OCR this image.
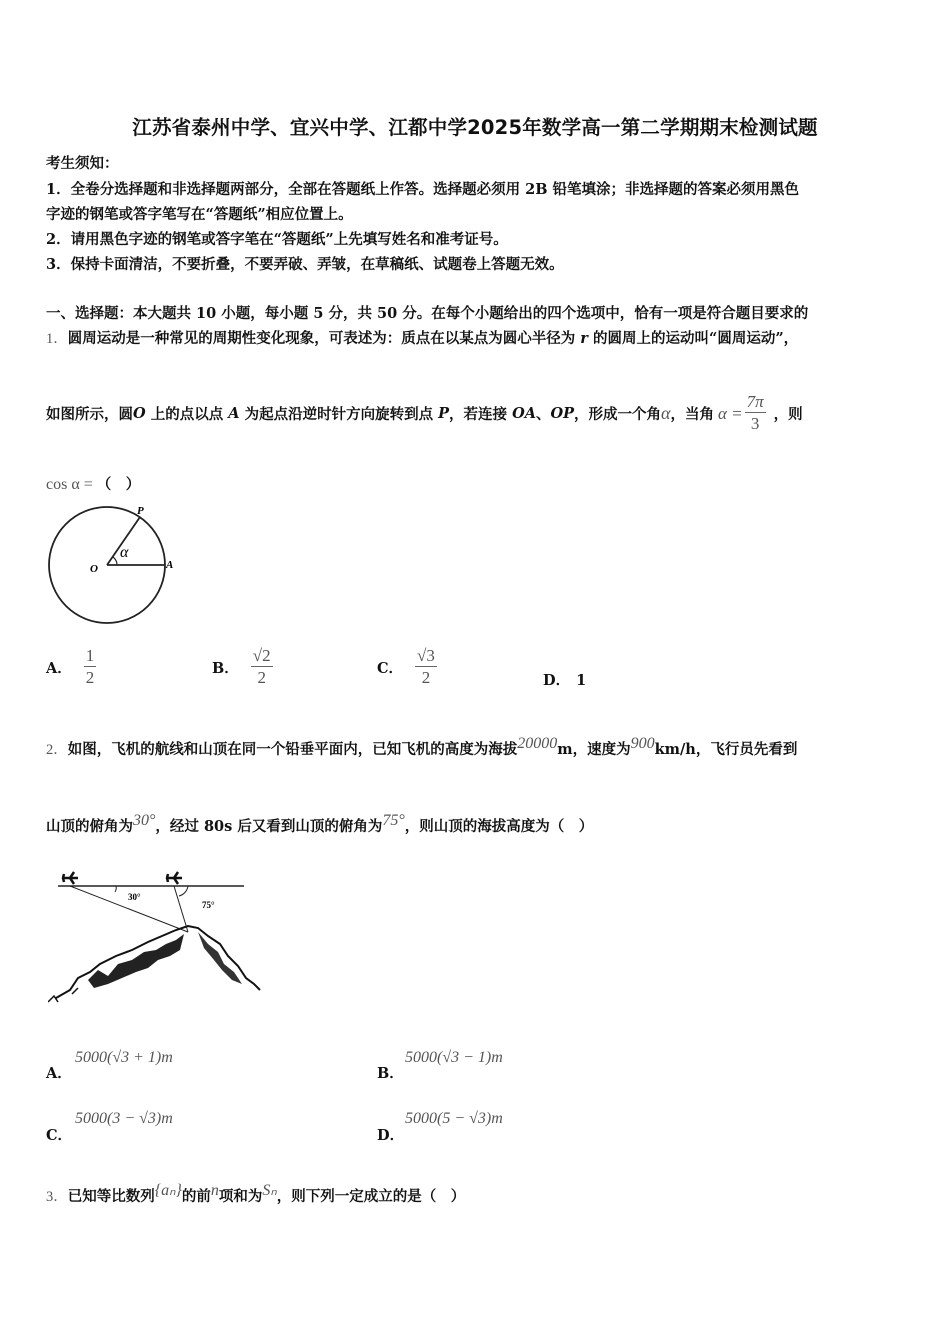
江苏省泰州中学、宜兴中学、江都中学2025年数学高一第二学期期末检测试题
考生须知：
1．全卷分选择题和非选择题两部分，全部在答题纸上作答。选择题必须用 2B 铅笔填涂；非选择题的答案必须用黑色
字迹的钢笔或答字笔写在“答题纸”相应位置上。
2．请用黑色字迹的钢笔或答字笔在“答题纸”上先填写姓名和准考证号。
3．保持卡面清洁，不要折叠，不要弄破、弄皱，在草稿纸、试题卷上答题无效。
一、选择题：本大题共 10 小题，每小题 5 分，共 50 分。在每个小题给出的四个选项中，恰有一项是符合题目要求的
1．圆周运动是一种常见的周期性变化现象，可表述为：质点在以某点为圆心半径为 r 的圆周上的运动叫“圆周运动”，
如图所示，圆O 上的点以点 A 为起点沿逆时针方向旋转到点 P，若连接 OA、OP，形成一个角α，当角 $\alpha = \frac{7\pi}{3}$ ，则
cos α = （　）
P
O	A
α
A． $\frac{1}{2}$	B． $\frac{√2}{2}$	C． $\frac{√3}{2}$	D． 1
2．如图，飞机的航线和山顶在同一个铅垂平面内，已知飞机的高度为海拔20000m，速度为900km/h，飞行员先看到
山顶的俯角为30°，经过 80s 后又看到山顶的俯角为75°，则山顶的海拔高度为（　）
30°
75°
A．
5000(√3 + 1)m
B．
5000(√3 − 1)m
C．
5000(3 − √3)m
D．
5000(5 − √3)m
3．已知等比数列{aₙ}的前n项和为Sₙ，则下列一定成立的是（　）
